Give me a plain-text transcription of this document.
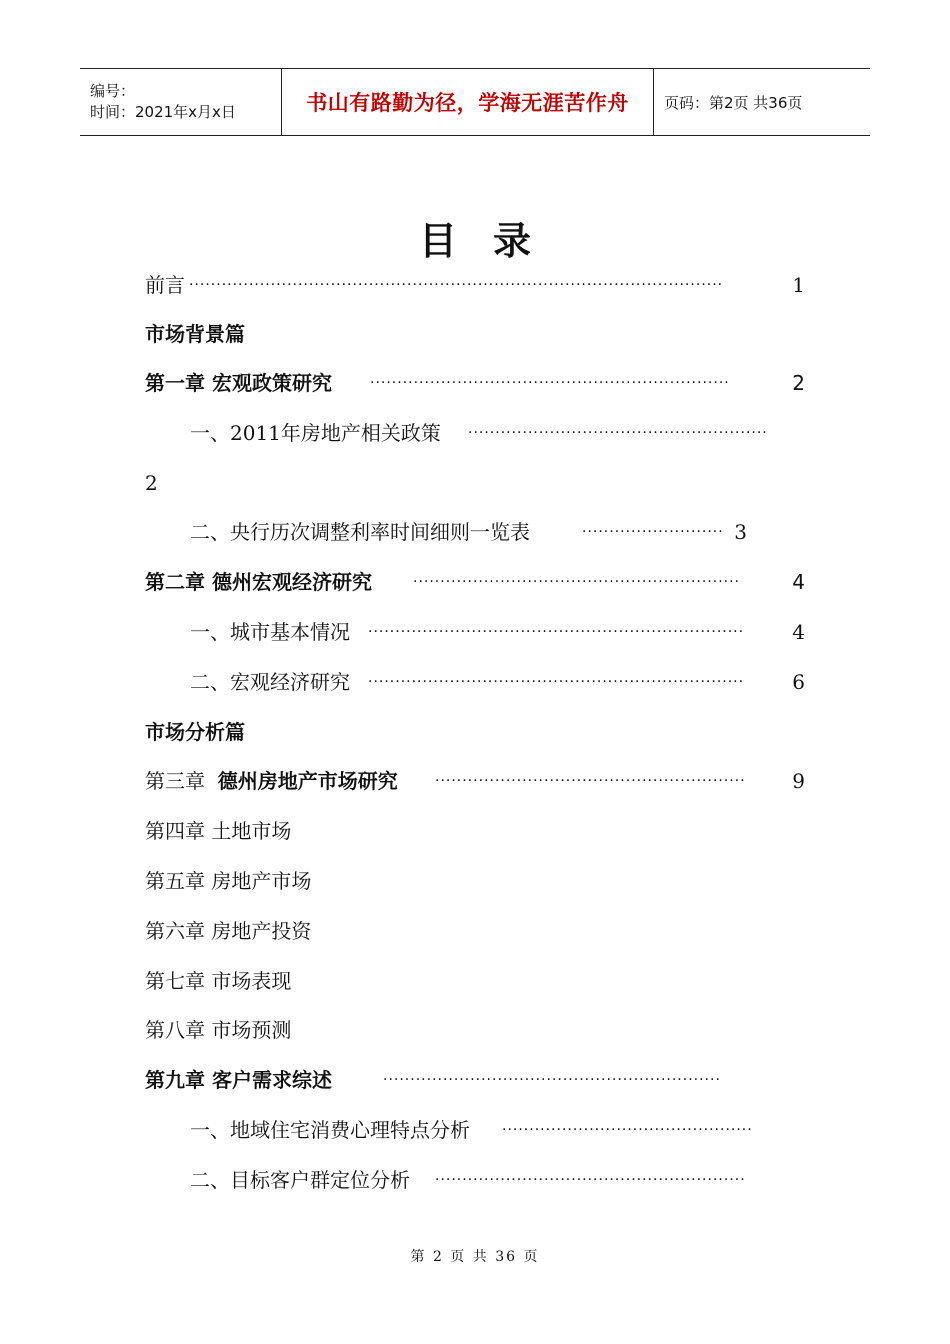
编号：
时间：2021年x月x日	书山有路勤为径，学海无涯苦作舟	页码：第2页 共36页
目录
前言 ··································································································	1
市场背景篇
第一章 宏观政策研究	··································································	2
一、2011年房地产相关政策 ·······················································
2
二、央行历次调整利率时间细则一览表	·························· 3
第二章 德州宏观经济研究	····························································	4
一、城市基本情况 ·····································································	4
二、宏观经济研究 ·····································································	6
市场分析篇
第三章 德州房地产市场研究	·························································	9
第四章 土地市场
第五章 房地产市场
第六章 房地产投资
第七章 市场表现
第八章 市场预测
第九章 客户需求综述	······························································
一、地域住宅消费心理特点分析 ··············································
二、目标客户群定位分析 ·························································
第 2 页 共 36 页
